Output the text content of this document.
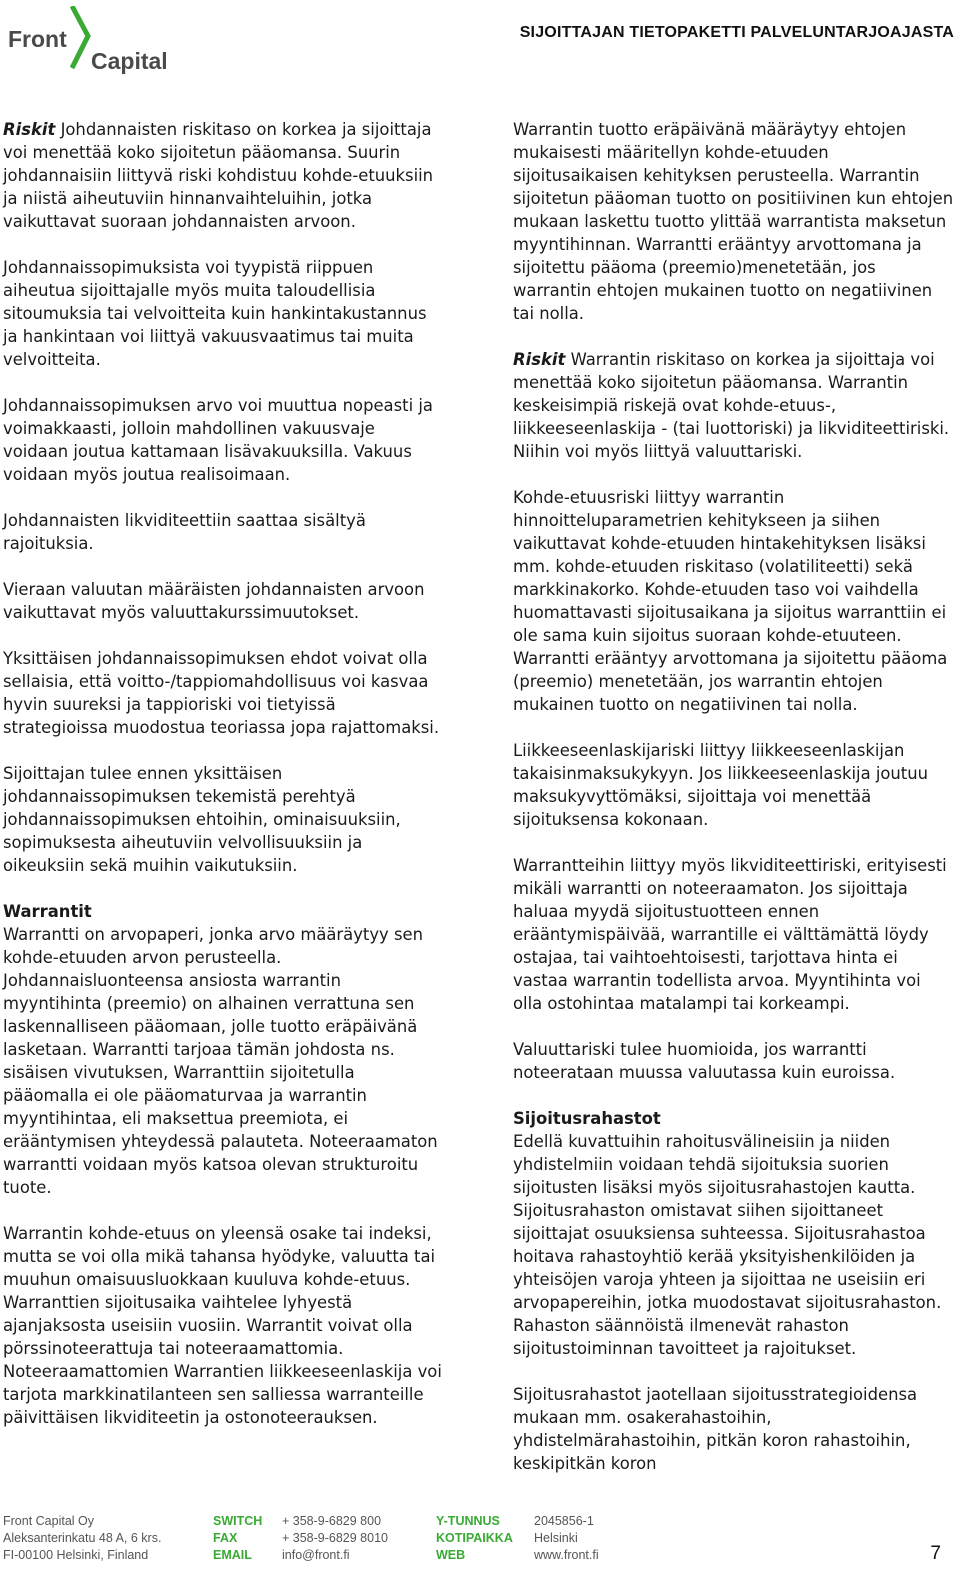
Front
Capital
SIJOITTAJAN TIETOPAKETTI PALVELUNTARJOAJASTA

Riskit Johdannaisten riskitaso on korkea ja sijoittaja voi menettää koko sijoitetun pääomansa. Suurin johdannaisiin liittyvä riski kohdistuu kohde-etuuksiin ja niistä aiheutuviin hinnanvaihteluihin, jotka vaikuttavat suoraan johdannaisten arvoon.

Johdannaissopimuksista voi tyypistä riippuen aiheutua sijoittajalle myös muita taloudellisia sitoumuksia tai velvoitteita kuin hankintakustannus ja hankintaan voi liittyä vakuusvaatimus tai muita velvoitteita.

Johdannaissopimuksen arvo voi muuttua nopeasti ja voimakkaasti, jolloin mahdollinen vakuusvaje voidaan joutua kattamaan lisävakuuksilla. Vakuus voidaan myös joutua realisoimaan.

Johdannaisten likviditeettiin saattaa sisältyä rajoituksia.

Vieraan valuutan määräisten johdannaisten arvoon vaikuttavat myös valuuttakurssimuutokset.

Yksittäisen johdannaissopimuksen ehdot voivat olla sellaisia, että voitto-/tappiomahdollisuus voi kasvaa hyvin suureksi ja tappioriski voi tietyissä strategioissa muodostua teoriassa jopa rajattomaksi.

Sijoittajan tulee ennen yksittäisen johdannaissopimuksen tekemistä perehtyä johdannaissopimuksen ehtoihin, ominaisuuksiin, sopimuksesta aiheutuviin velvollisuuksiin ja oikeuksiin sekä muihin vaikutuksiin.

Warrantit

Warrantti on arvopaperi, jonka arvo määräytyy sen kohde-etuuden arvon perusteella. Johdannaisluonteensa ansiosta warrantin myyntihinta (preemio) on alhainen verrattuna sen laskennalliseen pääomaan, jolle tuotto eräpäivänä lasketaan. Warrantti tarjoaa tämän johdosta ns. sisäisen vivutuksen, Warranttiin sijoitetulla pääomalla ei ole pääomaturvaa ja warrantin myyntihintaa, eli maksettua preemiota, ei erääntymisen yhteydessä palauteta. Noteeraamaton warrantti voidaan myös katsoa olevan strukturoitu tuote.

Warrantin kohde-etuus on yleensä osake tai indeksi, mutta se voi olla mikä tahansa hyödyke, valuutta tai muuhun omaisuusluokkaan kuuluva kohde-etuus. Warranttien sijoitusaika vaihtelee lyhyestä ajanjaksosta useisiin vuosiin. Warrantit voivat olla pörssinoteerattuja tai noteeraamattomia. Noteeraamattomien Warrantien liikkeeseenlaskija voi tarjota markkinatilanteen sen salliessa warranteille päivittäisen likviditeetin ja ostonoteerauksen.

Warrantin tuotto eräpäivänä määräytyy ehtojen mukaisesti määritellyn kohde-etuuden sijoitusaikaisen kehityksen perusteella. Warrantin sijoitetun pääoman tuotto on positiivinen kun ehtojen mukaan laskettu tuotto ylittää warrantista maksetun myyntihinnan. Warrantti erääntyy arvottomana ja sijoitettu pääoma (preemio)menetetään, jos warrantin ehtojen mukainen tuotto on negatiivinen tai nolla.

Riskit Warrantin riskitaso on korkea ja sijoittaja voi menettää koko sijoitetun pääomansa. Warrantin keskeisimpiä riskejä ovat kohde-etuus-, liikkeeseenlaskija - (tai luottoriski) ja likviditeettiriski. Niihin voi myös liittyä valuuttariski.

Kohde-etuusriski liittyy warrantin hinnoitteluparametrien kehitykseen ja siihen vaikuttavat kohde-etuuden hintakehityksen lisäksi mm. kohde-etuuden riskitaso (volatiliteetti) sekä markkinakorko. Kohde-etuuden taso voi vaihdella huomattavasti sijoitusaikana ja sijoitus warranttiin ei ole sama kuin sijoitus suoraan kohde-etuuteen. Warrantti erääntyy arvottomana ja sijoitettu pääoma (preemio) menetetään, jos warrantin ehtojen mukainen tuotto on negatiivinen tai nolla.

Liikkeeseenlaskijariski liittyy liikkeeseenlaskijan takaisinmaksukykyyn. Jos liikkeeseenlaskija joutuu maksukyvyttömäksi, sijoittaja voi menettää sijoituksensa kokonaan.

Warrantteihin liittyy myös likviditeettiriski, erityisesti mikäli warrantti on noteeraamaton. Jos sijoittaja haluaa myydä sijoitustuotteen ennen erääntymispäivää, warrantille ei välttämättä löydy ostajaa, tai vaihtoehtoisesti, tarjottava hinta ei vastaa warrantin todellista arvoa. Myyntihinta voi olla ostohintaa matalampi tai korkeampi.

Valuuttariski tulee huomioida, jos warrantti noteerataan muussa valuutassa kuin euroissa.

Sijoitusrahastot

Edellä kuvattuihin rahoitusvälineisiin ja niiden yhdistelmiin voidaan tehdä sijoituksia suorien sijoitusten lisäksi myös sijoitusrahastojen kautta. Sijoitusrahaston omistavat siihen sijoittaneet sijoittajat osuuksiensa suhteessa. Sijoitusrahastoa hoitava rahastoyhtiö kerää yksityishenkilöiden ja yhteisöjen varoja yhteen ja sijoittaa ne useisiin eri arvopapereihin, jotka muodostavat sijoitusrahaston. Rahaston säännöistä ilmenevät rahaston sijoitustoiminnan tavoitteet ja rajoitukset.

Sijoitusrahastot jaotellaan sijoitusstrategioidensa mukaan mm. osakerahastoihin, yhdistelmärahastoihin, pitkän koron rahastoihin, keskipitkän koron

Front Capital Oy
Aleksanterinkatu 48 A, 6 krs.
FI-00100 Helsinki, Finland
SWITCH
FAX
EMAIL
+ 358-9-6829 800
+ 358-9-6829 8010
info@front.fi
Y-TUNNUS
KOTIPAIKKA
WEB
2045856-1
Helsinki
www.front.fi	7
